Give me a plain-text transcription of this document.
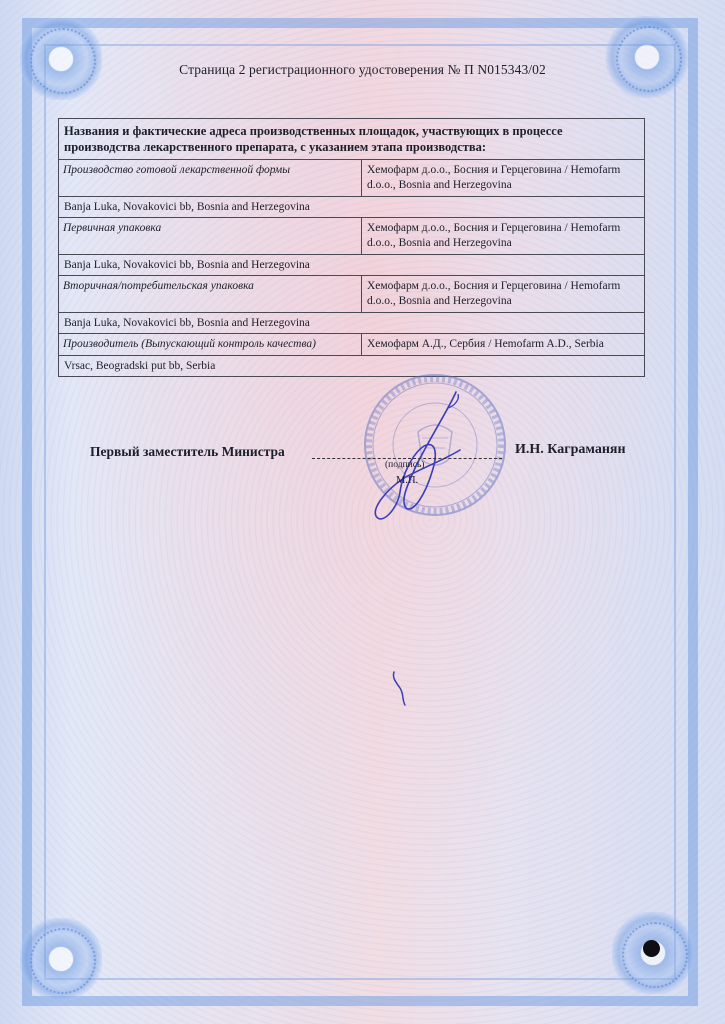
Страница 2 регистрационного удостоверения № П N015343/02
Названия и фактические адреса производственных площадок, участвующих в процессе производства лекарственного препарата, с указанием этапа производства:
Производство готовой лекарственной формы	Хемофарм д.о.о., Босния и Герцеговина / Hemofarm d.o.o., Bosnia and Herzegovina
Banja Luka, Novakovici bb, Bosnia and Herzegovina
Первичная упаковка	Хемофарм д.о.о., Босния и Герцеговина / Hemofarm d.o.o., Bosnia and Herzegovina
Banja Luka, Novakovici bb, Bosnia and Herzegovina
Вторичная/потребительская упаковка	Хемофарм д.о.о., Босния и Герцеговина / Hemofarm d.o.o., Bosnia and Herzegovina
Banja Luka, Novakovici bb, Bosnia and Herzegovina
Производитель (Выпускающий контроль качества)	Хемофарм А.Д., Сербия / Hemofarm A.D., Serbia
Vrsac, Beogradski put bb, Serbia
Первый заместитель Министра
(подпись)
М.П.
И.Н. Каграманян
